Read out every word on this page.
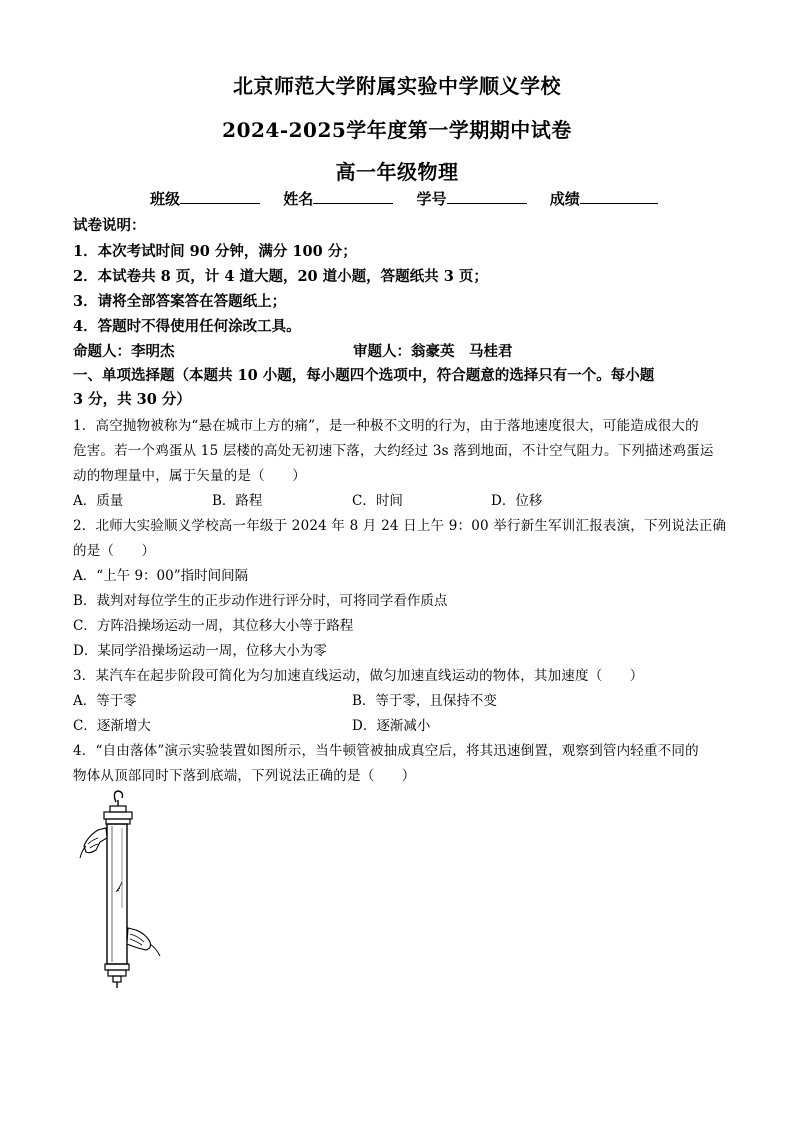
北京师范大学附属实验中学顺义学校
2024-2025学年度第一学期期中试卷
高一年级物理
班级	姓名	学号	成绩
试卷说明：
1．本次考试时间 90 分钟，满分 100 分；
2．本试卷共 8 页，计 4 道大题，20 道小题，答题纸共 3 页；
3．请将全部答案答在答题纸上；
4．答题时不得使用任何涂改工具。
命题人：李明杰	审题人：翁豪英　马桂君
一、单项选择题（本题共 10 小题，每小题四个选项中，符合题意的选择只有一个。每小题
3 分，共 30 分）
1．高空抛物被称为“悬在城市上方的痛”，是一种极不文明的行为，由于落地速度很大，可能造成很大的
危害。若一个鸡蛋从 15 层楼的高处无初速下落，大约经过 3s 落到地面，不计空气阻力。下列描述鸡蛋运
动的物理量中，属于矢量的是（　　）
A．质量	B．路程	C．时间	D．位移
2．北师大实验顺义学校高一年级于 2024 年 8 月 24 日上午 9：00 举行新生军训汇报表演，下列说法正确
的是（　　）
A．“上午 9：00”指时间间隔
B．裁判对每位学生的正步动作进行评分时，可将同学看作质点
C．方阵沿操场运动一周，其位移大小等于路程
D．某同学沿操场运动一周，位移大小为零
3．某汽车在起步阶段可简化为匀加速直线运动，做匀加速直线运动的物体，其加速度（　　）
A．等于零	B．等于零，且保持不变
C．逐渐增大	D．逐渐减小
4．“自由落体”演示实验装置如图所示，当牛顿管被抽成真空后，将其迅速倒置，观察到管内轻重不同的
物体从顶部同时下落到底端，下列说法正确的是（　　）
